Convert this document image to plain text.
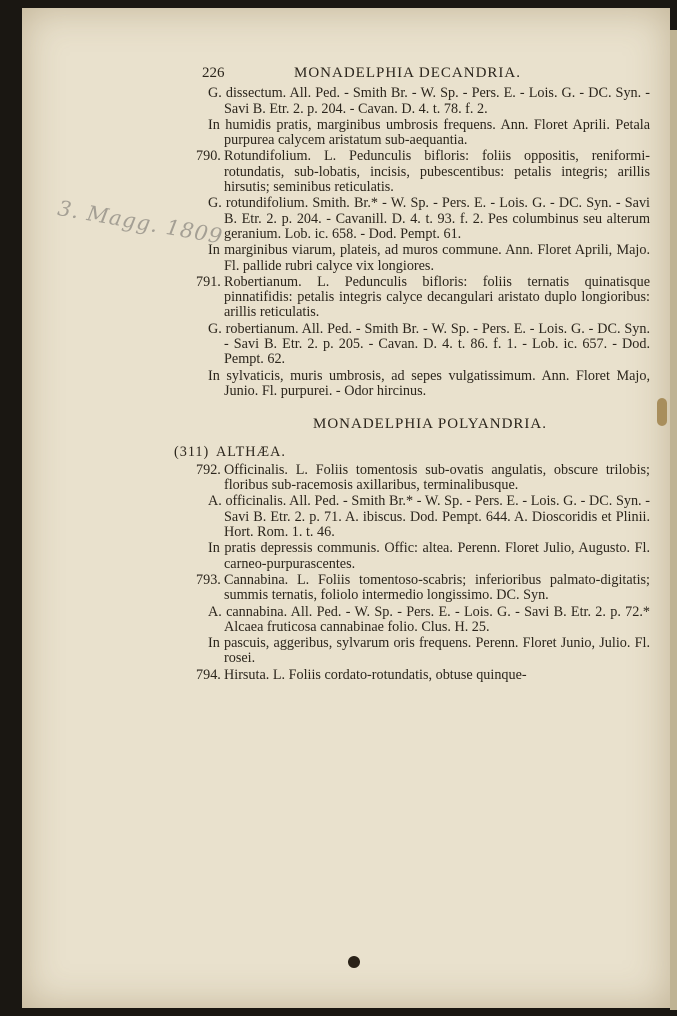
3. Magg. 1809
226	MONADELPHIA DECANDRIA.

G. dissectum. All. Ped. - Smith Br. - W. Sp. - Pers. E. - Lois. G. - DC. Syn. - Savi B. Etr. 2. p. 204. - Cavan. D. 4. t. 78. f. 2.

In humidis pratis, marginibus umbrosis frequens. Ann. Floret Aprili. Petala purpurea calycem aristatum sub-aequantia.

790. Rotundifolium. L. Pedunculis bifloris: foliis oppositis, reniformi-rotundatis, sub-lobatis, incisis, pubescentibus: petalis integris; arillis hirsutis; seminibus reticulatis.

G. rotundifolium. Smith. Br.* - W. Sp. - Pers. E. - Lois. G. - DC. Syn. - Savi B. Etr. 2. p. 204. - Cavanill. D. 4. t. 93. f. 2. Pes columbinus seu alterum geranium. Lob. ic. 658. - Dod. Pempt. 61.

In marginibus viarum, plateis, ad muros commune. Ann. Floret Aprili, Majo. Fl. pallide rubri calyce vix longiores.

791. Robertianum. L. Pedunculis bifloris: foliis ternatis quinatisque pinnatifidis: petalis integris calyce decangulari aristato duplo longioribus: arillis reticulatis.

G. robertianum. All. Ped. - Smith Br. - W. Sp. - Pers. E. - Lois. G. - DC. Syn. - Savi B. Etr. 2. p. 205. - Cavan. D. 4. t. 86. f. 1. - Lob. ic. 657. - Dod. Pempt. 62.

In sylvaticis, muris umbrosis, ad sepes vulgatissimum. Ann. Floret Majo, Junio. Fl. purpurei. - Odor hircinus.

MONADELPHIA POLYANDRIA.
(311) ALTHÆA.

792. Officinalis. L. Foliis tomentosis sub-ovatis angulatis, obscure trilobis; floribus sub-racemosis axillaribus, terminalibusque.

A. officinalis. All. Ped. - Smith Br.* - W. Sp. - Pers. E. - Lois. G. - DC. Syn. - Savi B. Etr. 2. p. 71. A. ibiscus. Dod. Pempt. 644. A. Dioscoridis et Plinii. Hort. Rom. 1. t. 46.

In pratis depressis communis. Offic: altea. Perenn. Floret Julio, Augusto. Fl. carneo-purpurascentes.

793. Cannabina. L. Foliis tomentoso-scabris; inferioribus palmato-digitatis; summis ternatis, foliolo intermedio longissimo. DC. Syn.

A. cannabina. All. Ped. - W. Sp. - Pers. E. - Lois. G. - Savi B. Etr. 2. p. 72.* Alcaea fruticosa cannabinae folio. Clus. H. 25.

In pascuis, aggeribus, sylvarum oris frequens. Perenn. Floret Junio, Julio. Fl. rosei.

794. Hirsuta. L. Foliis cordato-rotundatis, obtuse quinque-
